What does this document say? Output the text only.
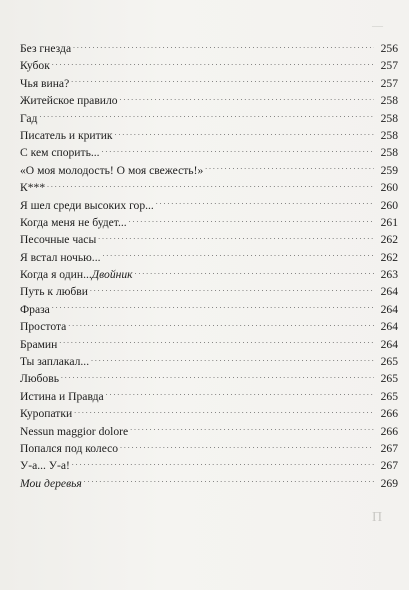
Без гнезда . . .	256
Кубок . . .	257
Чья вина? . . .	257
Житейское правило . . .	258
Гад . . .	258
Писатель и критик . . .	258
С кем спорить... . . .	258
«О моя молодость! О моя свежесть!» . . .	259
К*** . . .	260
Я шел среди высоких гор... . . .	260
Когда меня не будет... . . .	261
Песочные часы . . .	262
Я встал ночью... . . .	262
Когда я один... Двойник . . .	263
Путь к любви . . .	264
Фраза . . .	264
Простота . . .	264
Брамин . . .	264
Ты заплакал... . . .	265
Любовь . . .	265
Истина и Правда . . .	265
Куропатки . . .	266
Nessun maggior dolore . . .	266
Попался под колесо . . .	267
У-а... У-а! . . .	267
Мои деревья . . .	269
—
П
